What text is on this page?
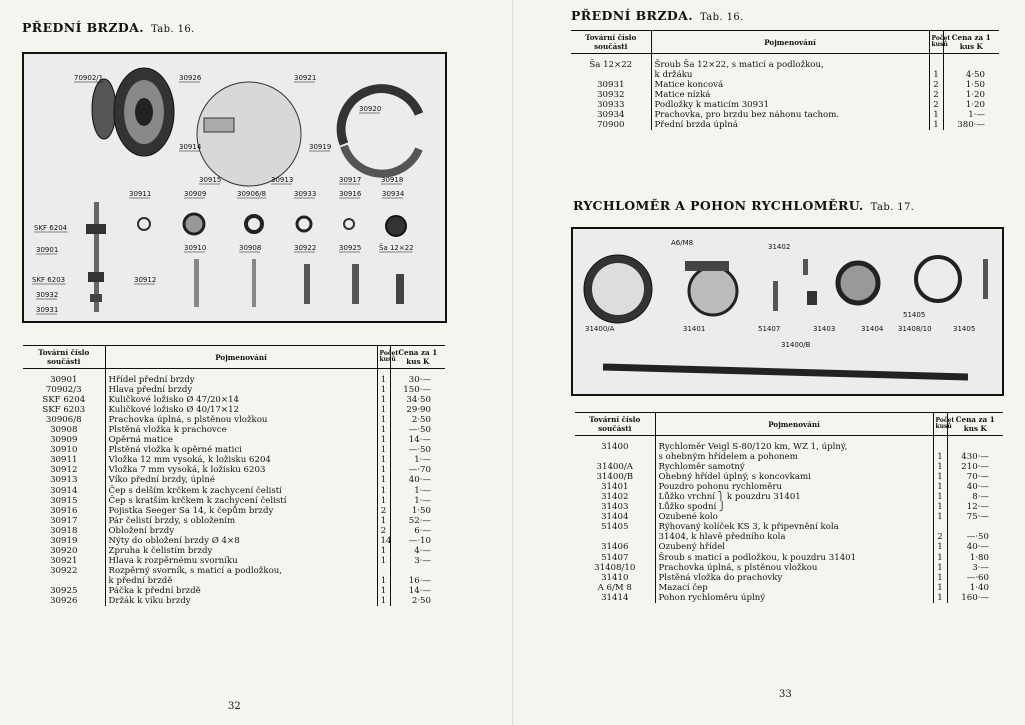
PŘEDNÍ BRZDA. Tab. 16.
70902/1	30926	30921
30920
30914	30919
30915	30913	30917	30918
30911	30909	30906/8	30933	30916	30934
SKF 6204
30901	30910	30908	30922	30925	Šа 12×22
SKF 6203	30912
30932
30931
Tovární číslo součásti	Pojmenování	Počet kusů	Cena za 1 kus K

30901	Hřídel přední brzdy	1	30·—
70902/3	Hlava přední brzdy	1	150·—
SKF 6204	Kuličkové ložisko Ø 47/20×14	1	34·50
SKF 6203	Kuličkové ložisko Ø 40/17×12	1	29·90
30906/8	Prachovka úplná, s plstěnou vložkou	1	2·50
30908	Plstěná vložka k prachovce	1	—·50
30909	Opěrná matice	1	14·—
30910	Plstěná vložka k opěrné matici	1	—·50
30911	Vložka 12 mm vysoká, k ložisku 6204	1	1·—
30912	Vložka 7 mm vysoká, k ložisku 6203	1	—·70
30913	Víko přední brzdy, úplné	1	40·—
30914	Čep s delším krčkem k zachycení čelistí	1	1·—
30915	Čep s kratším krčkem k zachycení čelistí	1	1·—
30916	Pojistka Seeger Sa 14, k čepům brzdy	2	1·50
30917	Pár čelistí brzdy, s obložením	1	52·—
30918	Obložení brzdy	2	6·—
30919	Nýty do obložení brzdy Ø 4×8	14	—·10
30920	Zpruha k čelistím brzdy	1	4·—
30921	Hlava k rozpěrnému svorníku	1	3·—
30922	Rozpěrný svorník, s maticí a podložkou,		
	k přední brzdě	1	16·—
30925	Páčka k přední brzdě	1	14·—
30926	Držák k víku brzdy	1	2·50
32
PŘEDNÍ BRZDA. Tab. 16.
Tovární číslo součásti	Pojmenování	Počet kusů	Cena za 1 kus K

Šа 12×22	Šroub Šа 12×22, s maticí a podložkou,		
	k držáku	1	4·50
30931	Matice koncová	2	1·50
30932	Matice nízká	2	1·20
30933	Podložky k maticím 30931	2	1·20
30934	Prachovka, pro brzdu bez náhonu tachom.	1	1·—
70900	Přední brzda úplná	1	380·—
RYCHLOMĚR A POHON RYCHLOMĚRU. Tab. 17.
A6/M8	31402
31400/A	31401	51407	31403	31404 31408/10	31405
51405
31400/B
Tovární číslo součásti	Pojmenování	Počet kusů	Cena za 1 kus K

31400	Rychloměr Veigl S-80/120 km, WZ 1, úplný,		
	s ohebným hřídelem a pohonem	1	430·—
31400/A	Rychloměr samotný	1	210·—
31400/B	Ohebný hřídel úplný, s koncovkami	1	70·—
31401	Pouzdro pohonu rychloměru	1	40·—
31402	Lůžko vrchní ⎫ k pouzdru 31401	1	8·—
31403	Lůžko spodní ⎭	1	12·—
31404	Ozubené kolo	1	75·—
51405	Rýhovaný kolíček KS 3, k připevnění kola		
	31404, k hlavě předního kola	2	—·50
31406	Ozubený hřídel	1	40·—
51407	Šroub s maticí a podložkou, k pouzdru 31401	1	1·80
31408/10	Prachovka úplná, s plstěnou vložkou	1	3·—
31410	Plstěná vložka do prachovky	1	—·60
A 6/M 8	Mazací čep	1	1·40
31414	Pohon rychloměru úplný	1	160·—
33
